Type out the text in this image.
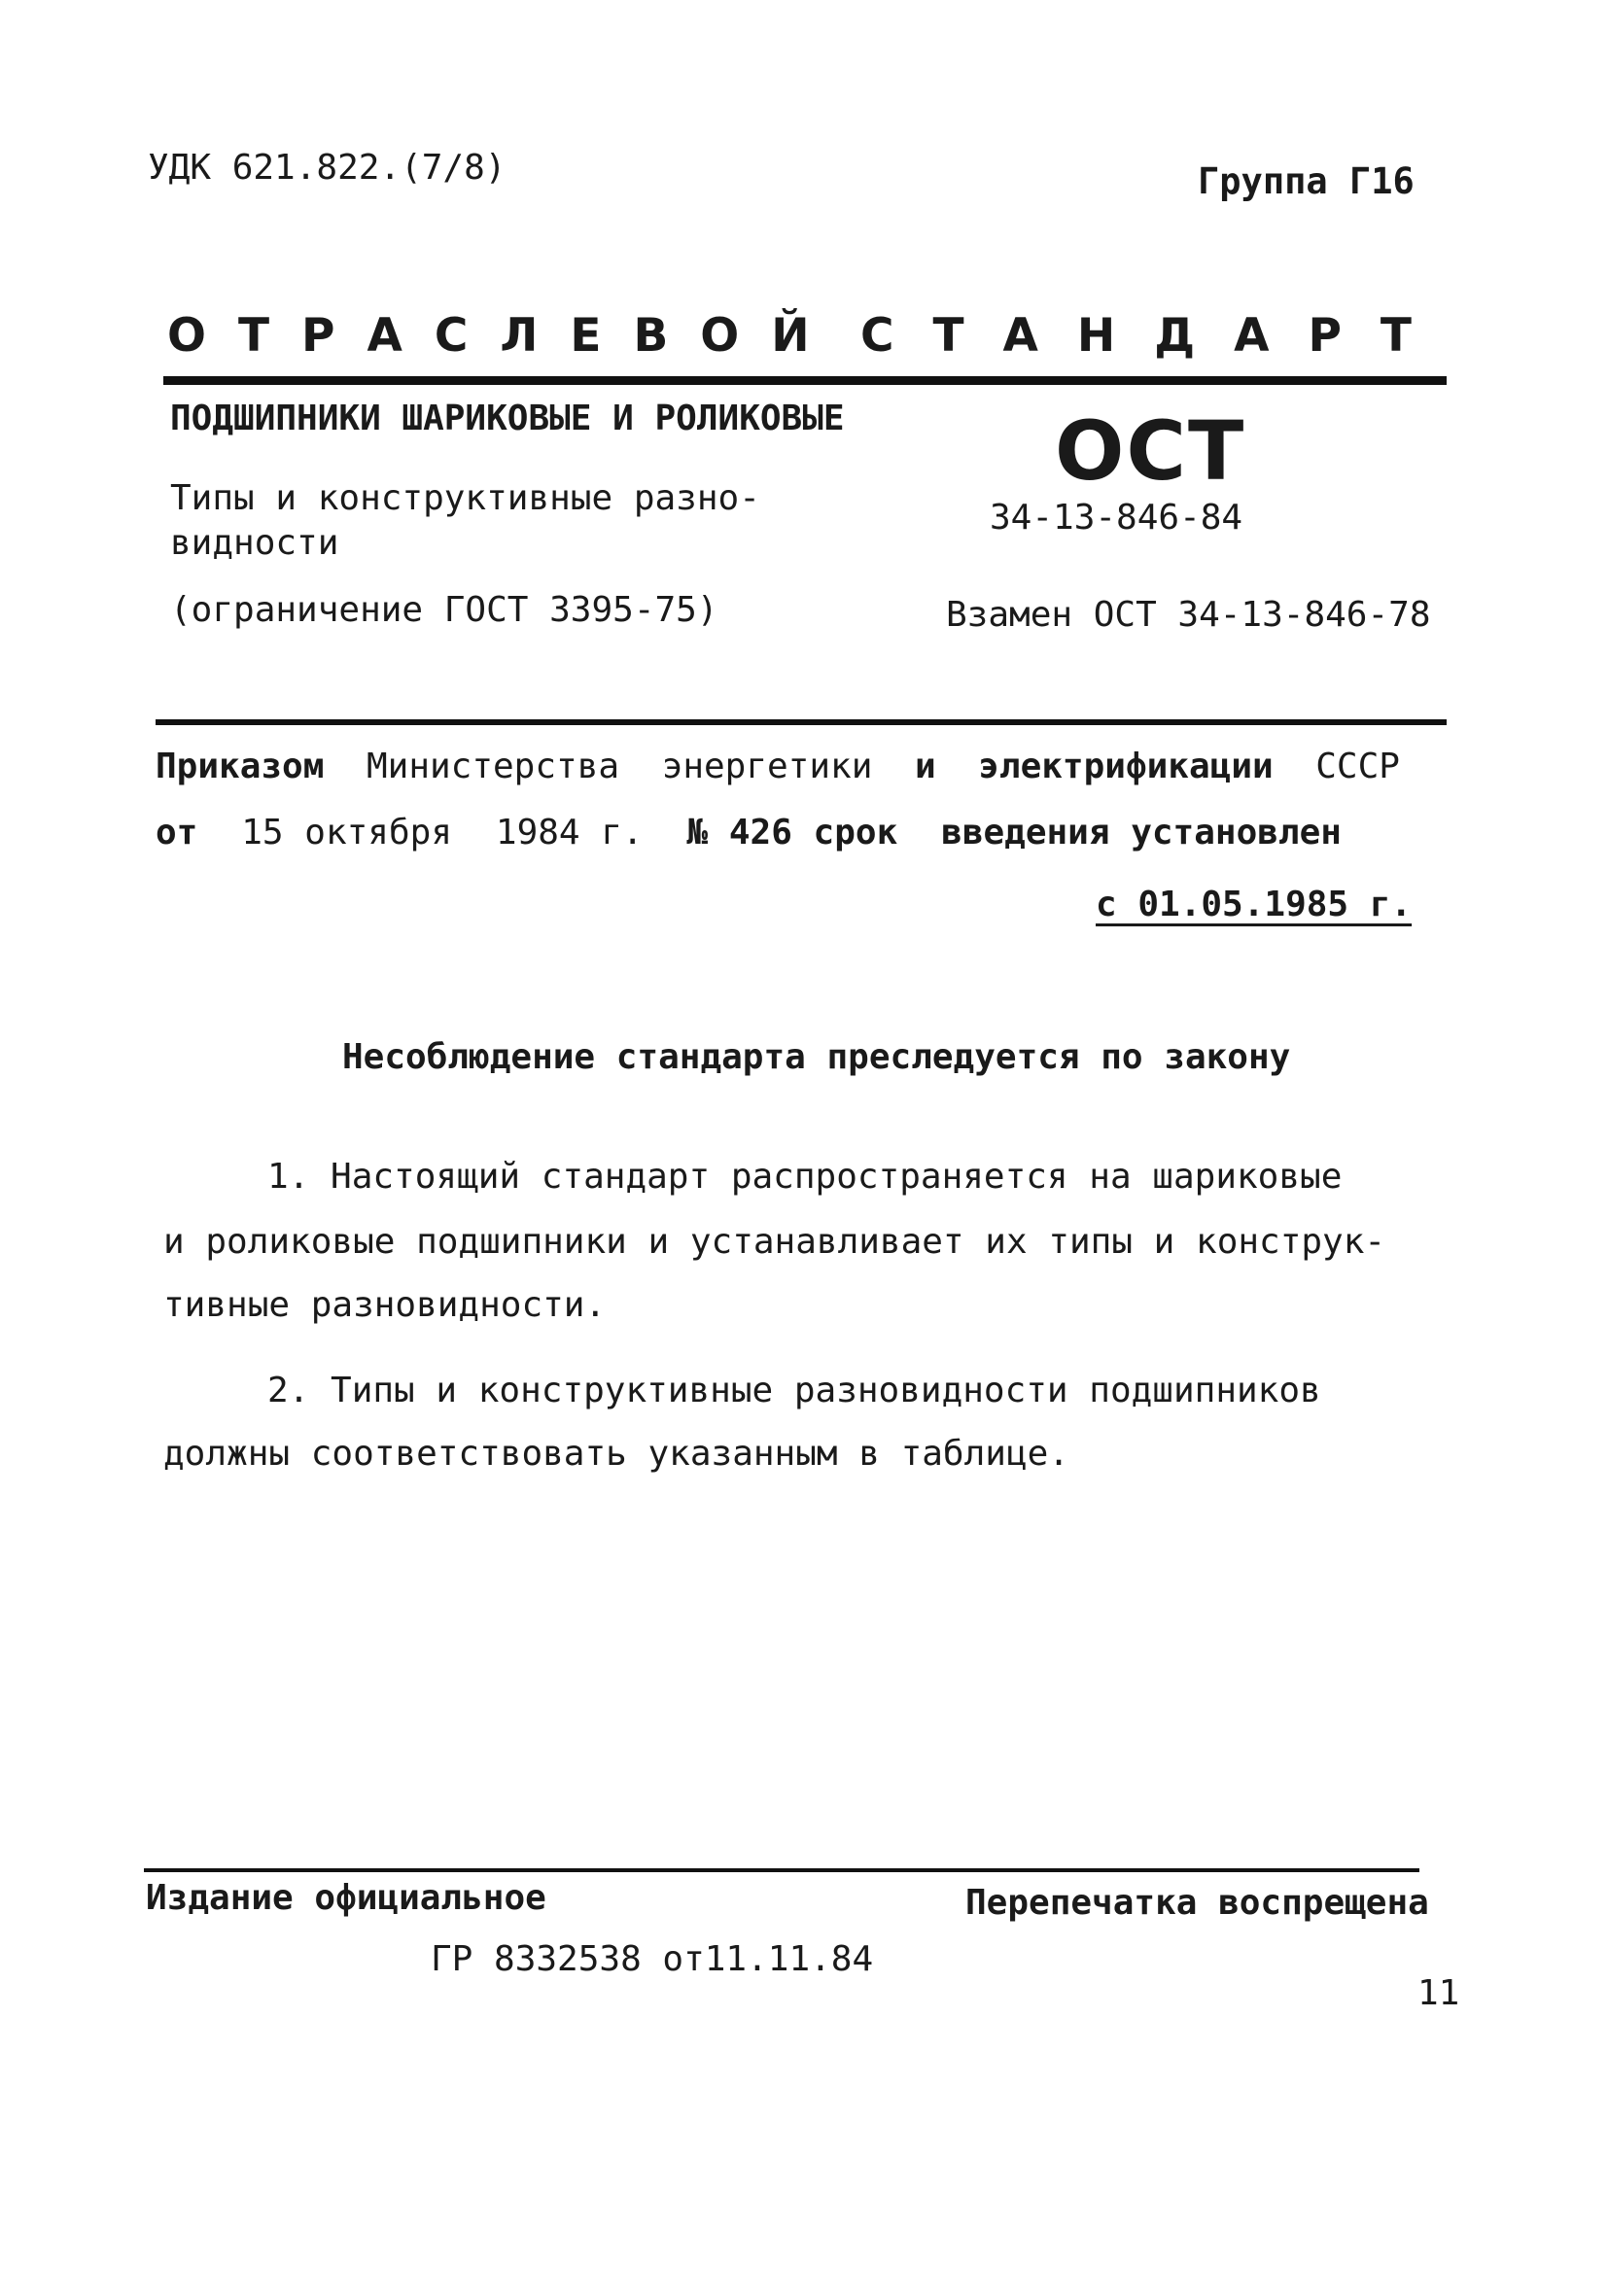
УДК 621.822.(7/8)	Группа Г16
ОТРАСЛЕВОЙ СТАНДАРТ
ПОДШИПНИКИ ШАРИКОВЫЕ И РОЛИКОВЫЕ
Типы и конструктивные разно-
видности
(ограничение ГОСТ 3395-75)
ОСТ
34-13-846-84
Взамен ОСТ 34-13-846-78
Приказом Министерства энергетики и электрификации СССР
от 15 октября 1984 г. № 426 срок введения установлен
с 01.05.1985 г.
Несоблюдение стандарта преследуется по закону
1. Настоящий стандарт распространяется на шариковые
и роликовые подшипники и устанавливает их типы и конструк-
тивные разновидности.
2. Типы и конструктивные разновидности подшипников
должны соответствовать указанным в таблице.
Издание официальное	Перепечатка воспрещена
ГР 8332538 от11.11.84
11
